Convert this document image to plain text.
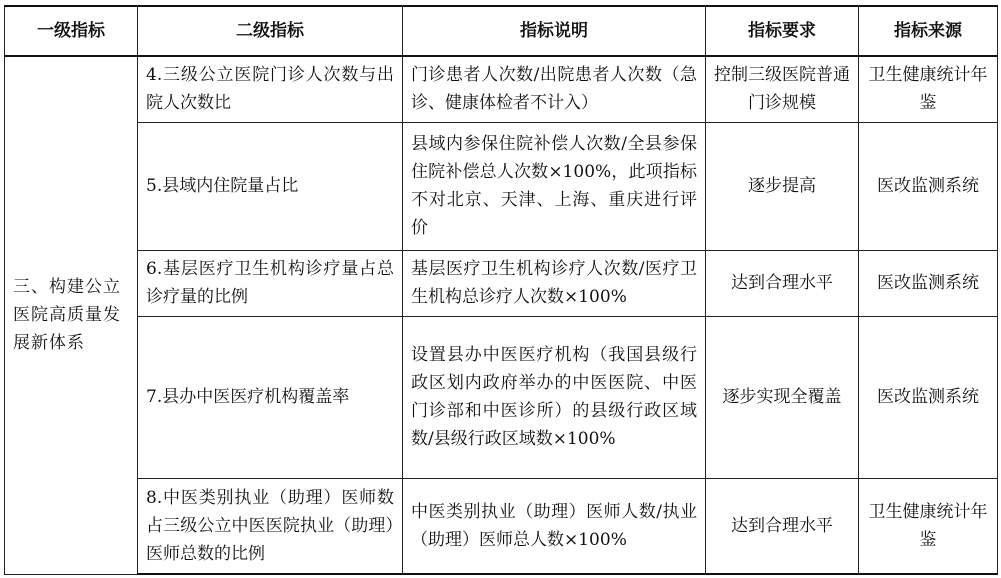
一级指标	二级指标	指标说明	指标要求	指标来源
三、构建公立医院高质量发展新体系	4.三级公立医院门诊人次数与出院人次数比	门诊患者人次数/出院患者人次数（急诊、健康体检者不计入）	控制三级医院普通门诊规模	卫生健康统计年鉴
	5.县域内住院量占比	县域内参保住院补偿人次数/全县参保住院补偿总人次数×100%，此项指标不对北京、天津、上海、重庆进行评价	逐步提高	医改监测系统
	6.基层医疗卫生机构诊疗量占总诊疗量的比例	基层医疗卫生机构诊疗人次数/医疗卫生机构总诊疗人次数×100%	达到合理水平	医改监测系统
	7.县办中医医疗机构覆盖率	设置县办中医医疗机构（我国县级行政区划内政府举办的中医医院、中医门诊部和中医诊所）的县级行政区域数/县级行政区域数×100%	逐步实现全覆盖	医改监测系统
	8.中医类别执业（助理）医师数占三级公立中医医院执业（助理）医师总数的比例	中医类别执业（助理）医师人数/执业（助理）医师总人数×100%	达到合理水平	卫生健康统计年鉴
